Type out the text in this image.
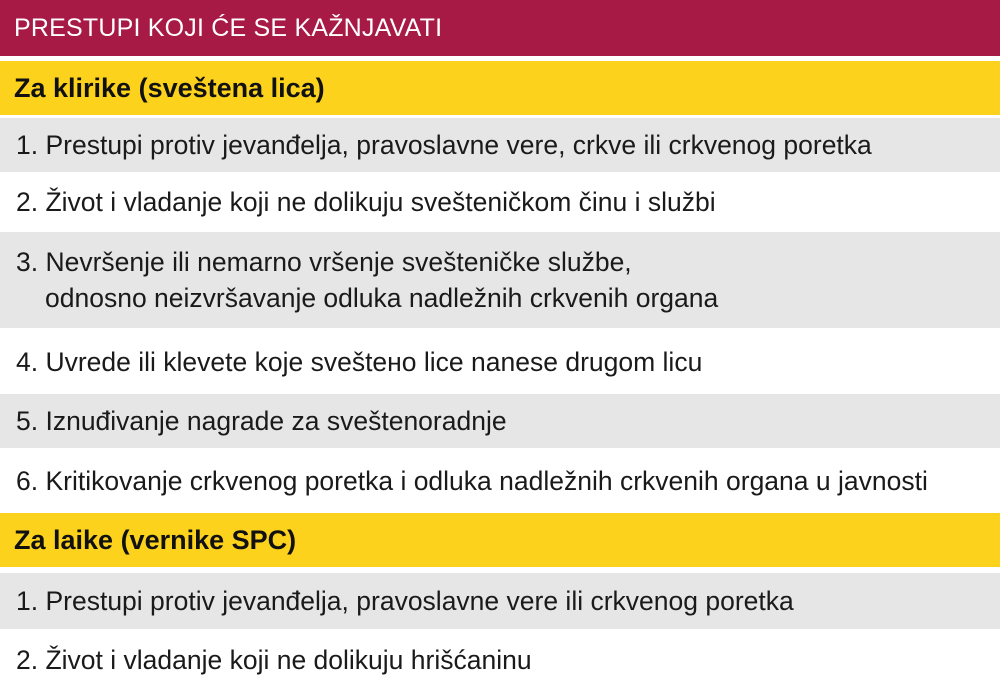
PRESTUPI KOJI ĆE SE KAŽNJAVATI
Za klirike (sveštena lica)
1. Prestupi protiv jevanđelja, pravoslavne vere, crkve ili crkvenog poretka
2. Život i vladanje koji ne dolikuju svešteničkom činu i službi
3. Nevršenje ili nemarno vršenje svešteničke službe,
odnosno neizvršavanje odluka nadležnih crkvenih organa
4. Uvrede ili klevete koje sveštено lice nanese drugom licu
5. Iznuđivanje nagrade za sveštenoradnje
6. Kritikovanje crkvenog poretka i odluka nadležnih crkvenih organa u javnosti
Za laike (vernike SPC)
1. Prestupi protiv jevanđelja, pravoslavne vere ili crkvenog poretka
2. Život i vladanje koji ne dolikuju hrišćaninu
